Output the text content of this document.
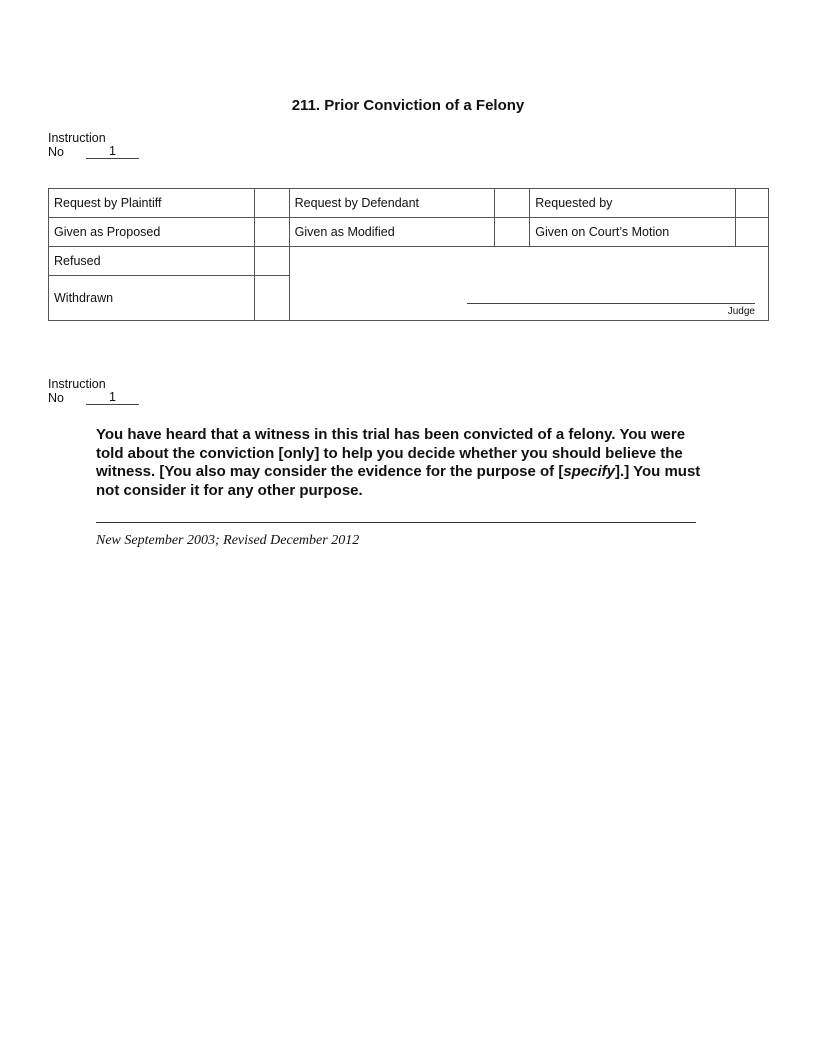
211. Prior Conviction of a Felony
Instruction
No	1
Request by Plaintiff		Request by Defendant		Requested by	
Given as Proposed		Given as Modified		Given on Court’s Motion	
Refused		Judge			

Withdrawn					
Instruction
No	1
You have heard that a witness in this trial has been convicted of a felony. You were told about the conviction [only] to help you decide whether you should believe the witness. [You also may consider the evidence for the purpose of [specify].] You must not consider it for any other purpose.
New September 2003; Revised December 2012
